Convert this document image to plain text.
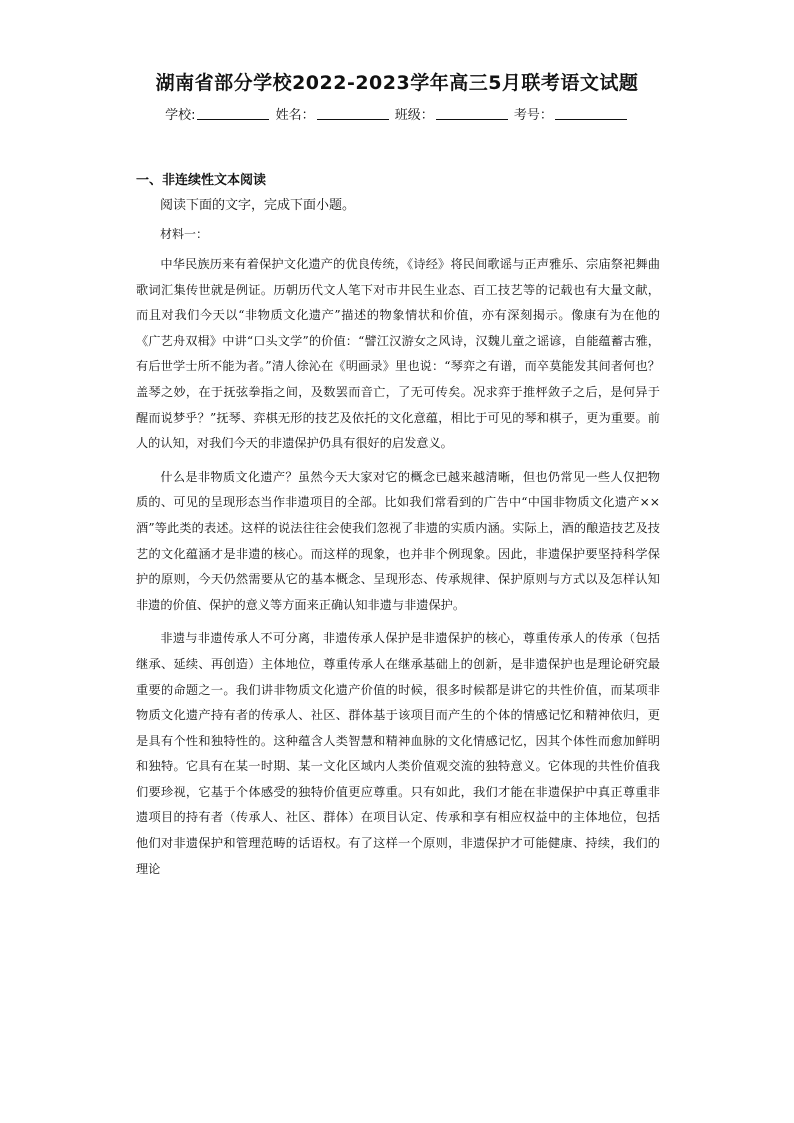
湖南省部分学校2022-2023学年高三5月联考语文试题
学校:	姓名：	班级：	考号：
一、非连续性文本阅读
阅读下面的文字，完成下面小题。
材料一：

中华民族历来有着保护文化遗产的优良传统，《诗经》将民间歌谣与正声雅乐、宗庙祭祀舞曲歌词汇集传世就是例证。历朝历代文人笔下对市井民生业态、百工技艺等的记载也有大量文献，而且对我们今天以“非物质文化遗产”描述的物象情状和价值，亦有深刻揭示。像康有为在他的《广艺舟双楫》中讲“口头文学”的价值：“譬江汉游女之风诗，汉魏儿童之谣谚，自能蕴蓄古雅，有后世学士所不能为者。”清人徐沁在《明画录》里也说：“琴弈之有谱，而卒莫能发其间者何也？盖琴之妙，在于抚弦拳指之间，及数罢而音亡，了无可传矣。况求弈于推枰敛子之后，是何异于醒而说梦乎？”抚琴、弈棋无形的技艺及依托的文化意蕴，相比于可见的琴和棋子，更为重要。前人的认知，对我们今天的非遗保护仍具有很好的启发意义。

什么是非物质文化遗产？虽然今天大家对它的概念已越来越清晰，但也仍常见一些人仅把物质的、可见的呈现形态当作非遗项目的全部。比如我们常看到的广告中“中国非物质文化遗产××酒”等此类的表述。这样的说法往往会使我们忽视了非遗的实质内涵。实际上，酒的酿造技艺及技艺的文化蕴涵才是非遗的核心。而这样的现象，也并非个例现象。因此，非遗保护要坚持科学保护的原则，今天仍然需要从它的基本概念、呈现形态、传承规律、保护原则与方式以及怎样认知非遗的价值、保护的意义等方面来正确认知非遗与非遗保护。

非遗与非遗传承人不可分离，非遗传承人保护是非遗保护的核心，尊重传承人的传承（包括继承、延续、再创造）主体地位，尊重传承人在继承基础上的创新，是非遗保护也是理论研究最重要的命题之一。我们讲非物质文化遗产价值的时候，很多时候都是讲它的共性价值，而某项非物质文化遗产持有者的传承人、社区、群体基于该项目而产生的个体的情感记忆和精神依归，更是具有个性和独特性的。这种蕴含人类智慧和精神血脉的文化情感记忆，因其个体性而愈加鲜明和独特。它具有在某一时期、某一文化区域内人类价值观交流的独特意义。它体现的共性价值我们要珍视，它基于个体感受的独特价值更应尊重。只有如此，我们才能在非遗保护中真正尊重非遗项目的持有者（传承人、社区、群体）在项目认定、传承和享有相应权益中的主体地位，包括他们对非遗保护和管理范畴的话语权。有了这样一个原则，非遗保护才可能健康、持续，我们的理论
